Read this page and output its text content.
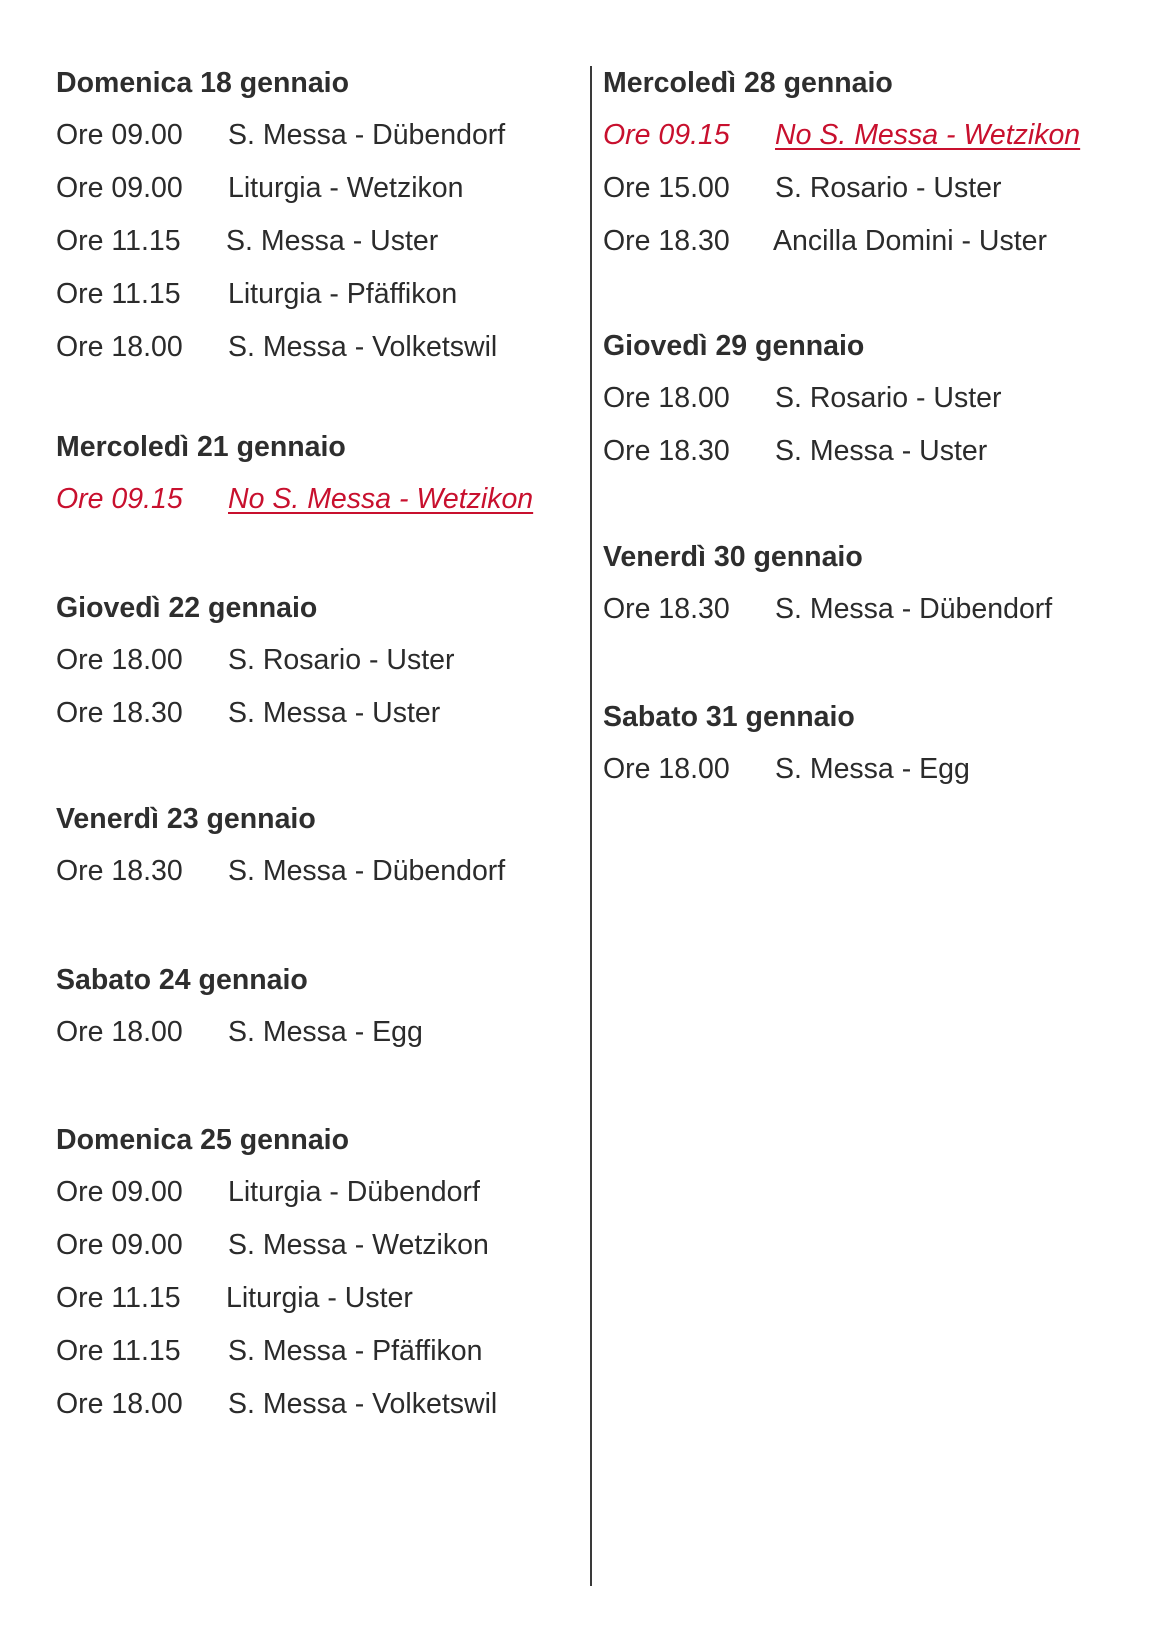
Domenica 18 gennaio
Ore 09.00 S. Messa - Dübendorf
Ore 09.00 Liturgia - Wetzikon
Ore 11.15 S. Messa - Uster
Ore 11.15 Liturgia - Pfäffikon
Ore 18.00 S. Messa - Volketswil
Mercoledì 21 gennaio
Ore 09.15 No S. Messa - Wetzikon
Giovedì 22 gennaio
Ore 18.00 S. Rosario - Uster
Ore 18.30 S. Messa - Uster
Venerdì 23 gennaio
Ore 18.30 S. Messa - Dübendorf
Sabato 24 gennaio
Ore 18.00 S. Messa - Egg
Domenica 25 gennaio
Ore 09.00 Liturgia - Dübendorf
Ore 09.00 S. Messa - Wetzikon
Ore 11.15 Liturgia - Uster
Ore 11.15 S. Messa - Pfäffikon
Ore 18.00 S. Messa - Volketswil
Mercoledì 28 gennaio
Ore 09.15 No S. Messa - Wetzikon
Ore 15.00 S. Rosario - Uster
Ore 18.30 Ancilla Domini - Uster
Giovedì 29 gennaio
Ore 18.00 S. Rosario - Uster
Ore 18.30 S. Messa - Uster
Venerdì 30 gennaio
Ore 18.30 S. Messa - Dübendorf
Sabato 31 gennaio
Ore 18.00 S. Messa - Egg
